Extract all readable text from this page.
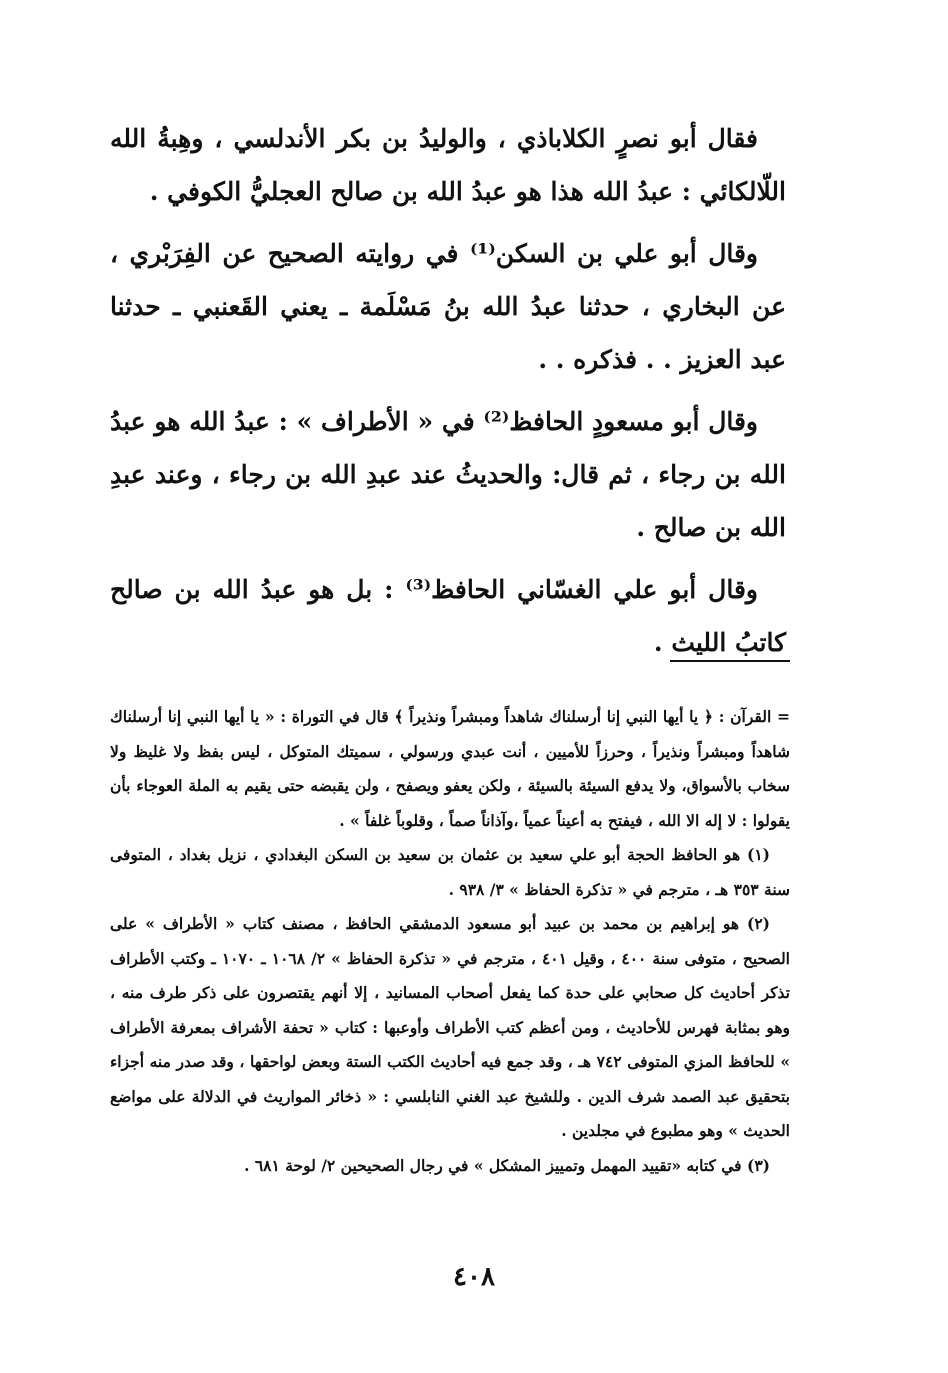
فقال أبو نصرٍ الكلاباذي ، والوليدُ بن بكر الأندلسي ، وهِبةُ الله اللّالكائي : عبدُ الله هذا هو عبدُ الله بن صالح العجليُّ الكوفي .

وقال أبو علي بن السكن⁽¹⁾ في روايته الصحيح عن الفِرَبْري ، عن البخاري ، حدثنا عبدُ الله بنُ مَسْلَمة ـ يعني القَعنبي ـ حدثنا عبد العزيز . . فذكره . .

وقال أبو مسعودٍ الحافظ⁽²⁾ في « الأطراف » : عبدُ الله هو عبدُ الله بن رجاء ، ثم قال: والحديثُ عند عبدِ الله بن رجاء ، وعند عبدِ الله بن صالح .

وقال أبو علي الغسّاني الحافظ⁽³⁾ : بل هو عبدُ الله بن صالح كاتبُ الليث .

= القرآن : ﴿ يا أيها النبي إنا أرسلناك شاهداً ومبشراً ونذيراً ﴾ قال في التوراة : « يا أيها النبي إنا أرسلناك شاهداً ومبشراً ونذيراً ، وحرزاً للأميين ، أنت عبدي ورسولي ، سميتك المتوكل ، ليس بفظ ولا غليظ ولا سخاب بالأسواق، ولا يدفع السيئة بالسيئة ، ولكن يعفو ويصفح ، ولن يقبضه حتى يقيم به الملة العوجاء بأن يقولوا : لا إله الا الله ، فيفتح به أعيناً عمياً ،وآذاناً صماً ، وقلوباً غلفاً » .

(١) هو الحافظ الحجة أبو علي سعيد بن عثمان بن سعيد بن السكن البغدادي ، نزيل بغداد ، المتوفى سنة ٣٥٣ هـ ، مترجم في « تذكرة الحفاظ » ٣/ ٩٣٨ .

(٢) هو إبراهيم بن محمد بن عبيد أبو مسعود الدمشقي الحافظ ، مصنف كتاب « الأطراف » على الصحيح ، متوفى سنة ٤٠٠ ، وقيل ٤٠١ ، مترجم في « تذكرة الحفاظ » ٢/ ١٠٦٨ ـ ١٠٧٠ ـ وكتب الأطراف تذكر أحاديث كل صحابي على حدة كما يفعل أصحاب المسانيد ، إلا أنهم يقتصرون على ذكر طرف منه ، وهو بمثابة فهرس للأحاديث ، ومن أعظم كتب الأطراف وأوعبها : كتاب « تحفة الأشراف بمعرفة الأطراف » للحافظ المزي المتوفى ٧٤٢ هـ ، وقد جمع فيه أحاديث الكتب الستة وبعض لواحقها ، وقد صدر منه أجزاء بتحقيق عبد الصمد شرف الدين . وللشيخ عبد الغني النابلسي : « ذخائر المواريث في الدلالة على مواضع الحديث » وهو مطبوع في مجلدين .

(٣) في كتابه «تقييد المهمل وتمييز المشكل » في رجال الصحيحين ٢/ لوحة ٦٨١ .

٤٠٨
